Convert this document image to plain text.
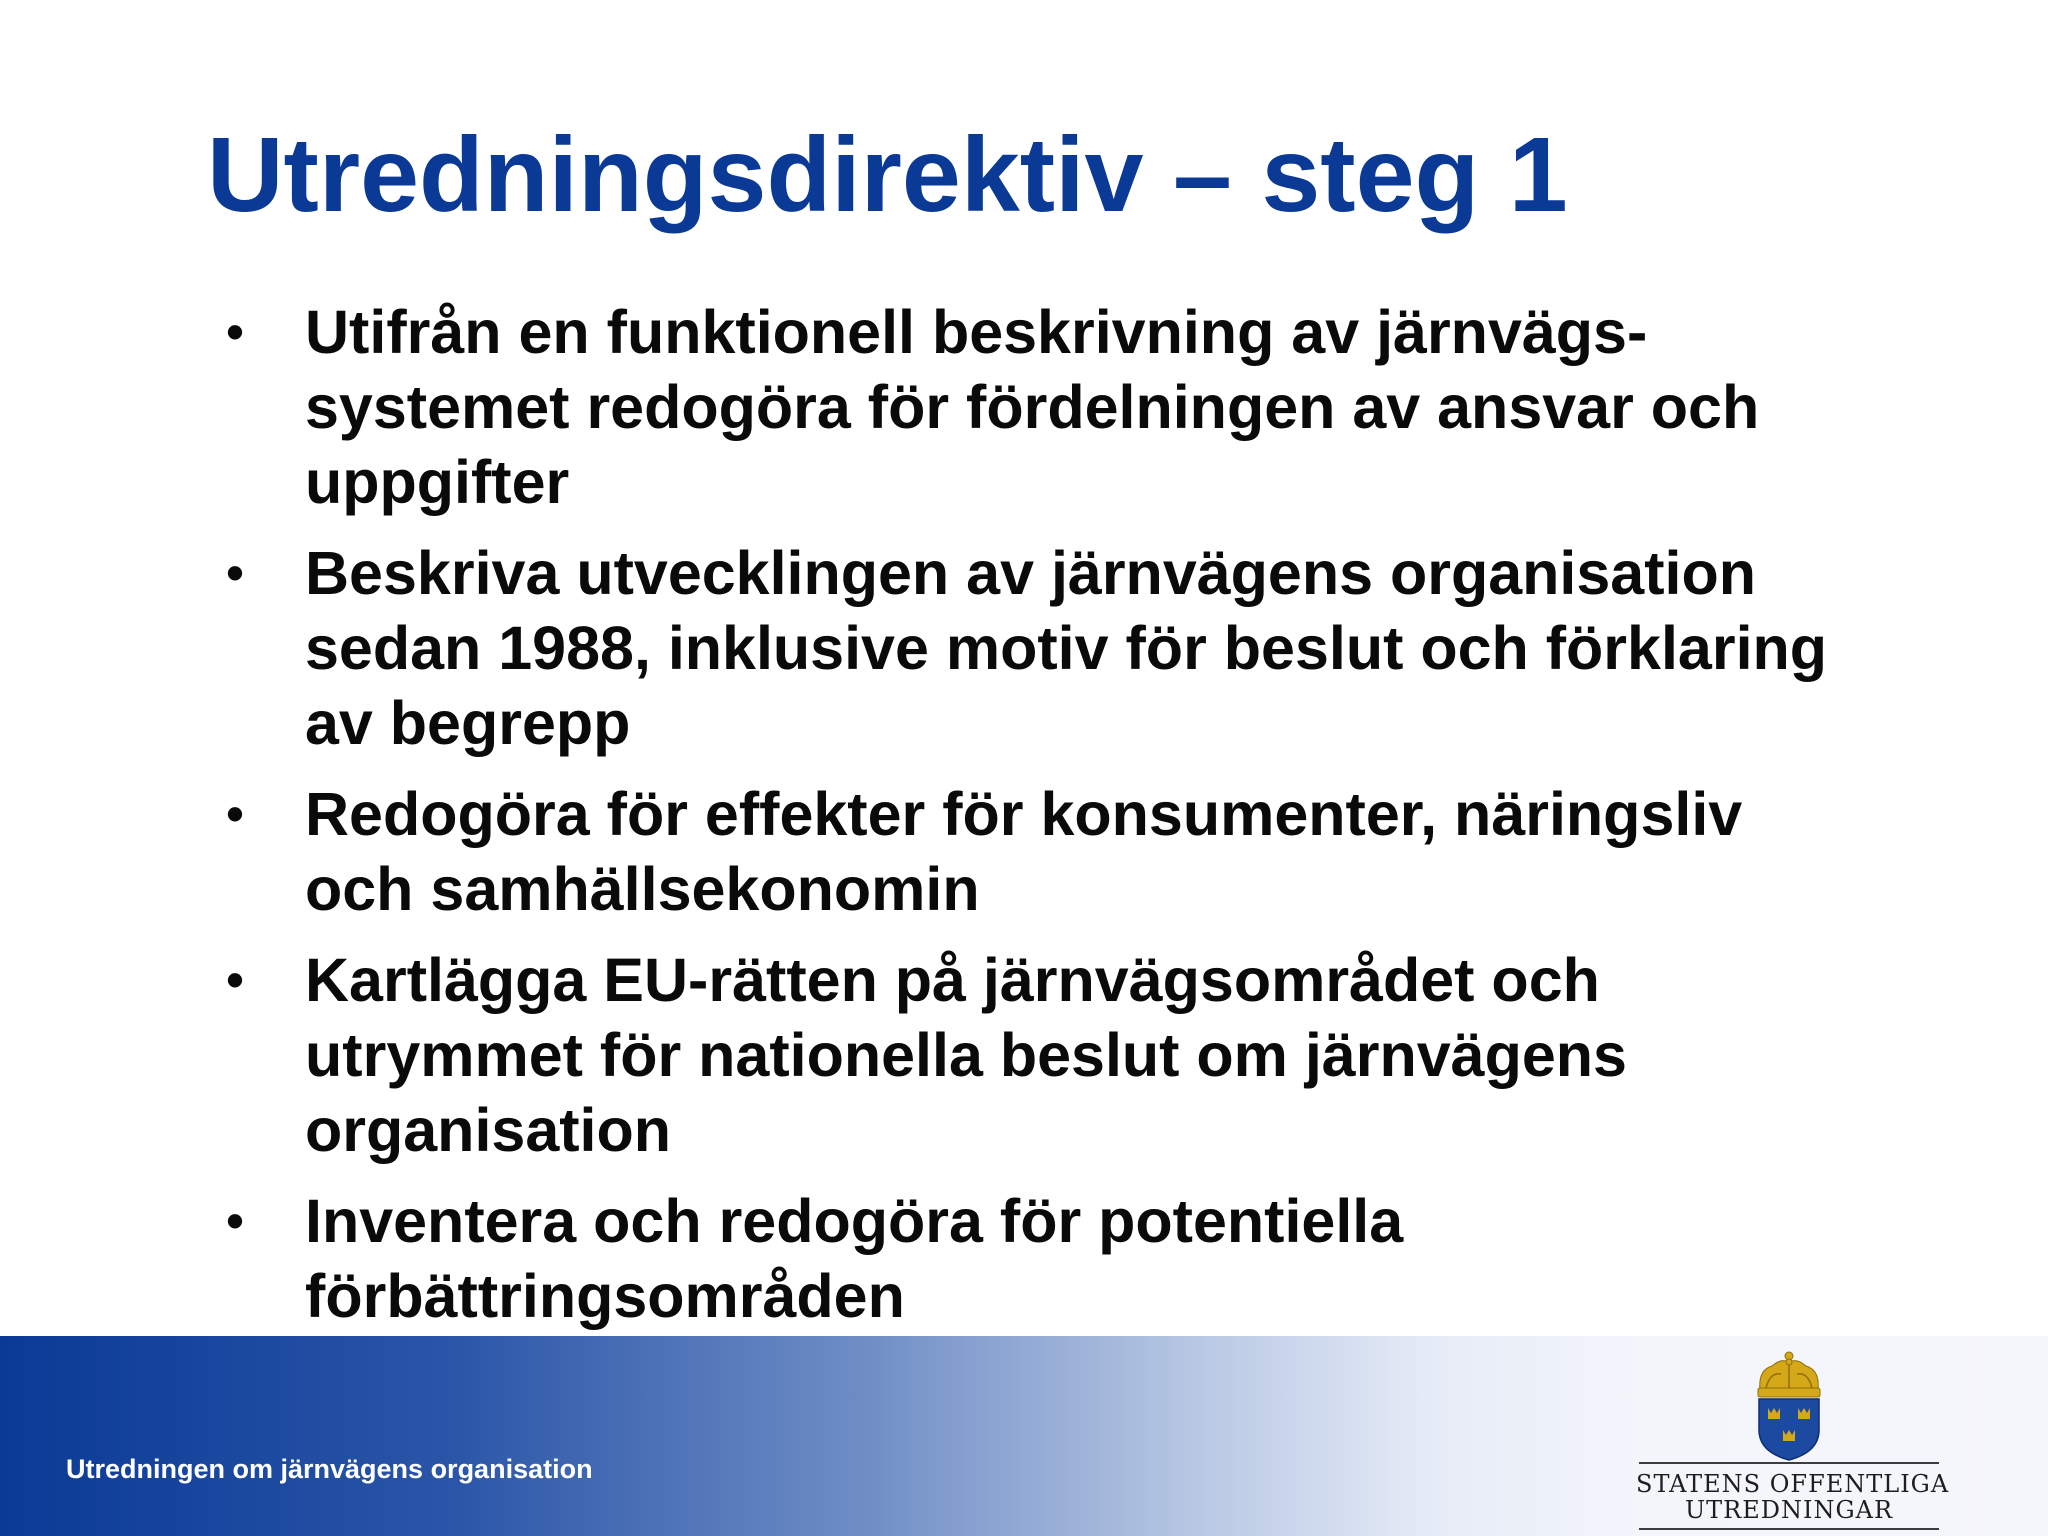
Utredningsdirektiv – steg 1
• Utifrån en funktionell beskrivning av järnvägs-systemet redogöra för fördelningen av ansvar och uppgifter
• Beskriva utvecklingen av järnvägens organisation sedan 1988, inklusive motiv för beslut och förklaring av begrepp
• Redogöra för effekter för konsumenter, näringsliv och samhällsekonomin
• Kartlägga EU-rätten på järnvägsområdet och utrymmet för nationella beslut om järnvägens organisation
• Inventera och redogöra för potentiella förbättringsområden
Utredningen om järnvägens organisation	STATENS OFFENTLIGA
UTREDNINGAR
